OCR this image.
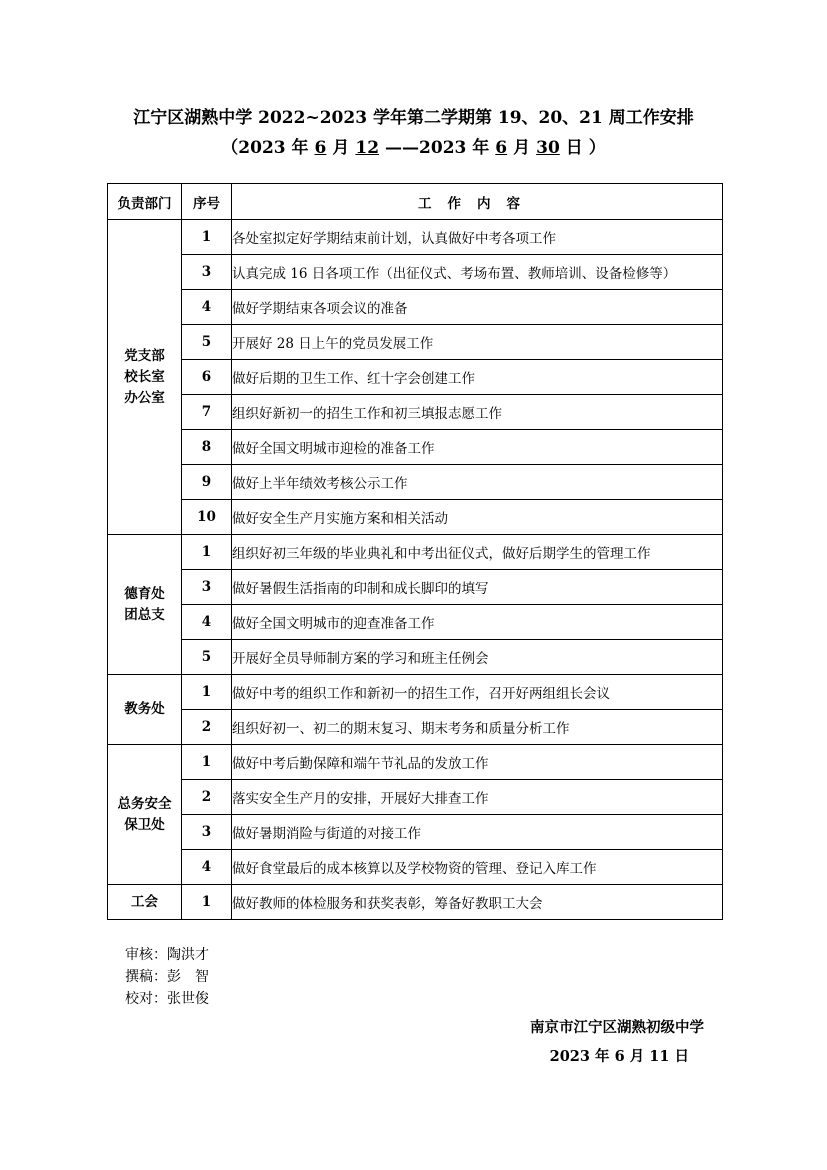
江宁区湖熟中学 2022~2023 学年第二学期第 19、20、21 周工作安排
（2023 年 6 月 12 ——2023 年 6 月 30 日 ）
负责部门	序号	工作内容

党支部
校长室
办公室	1	各处室拟定好学期结束前计划，认真做好中考各项工作
	3	认真完成 16 日各项工作（出征仪式、考场布置、教师培训、设备检修等）
	4	做好学期结束各项会议的准备
	5	开展好 28 日上午的党员发展工作
	6	做好后期的卫生工作、红十字会创建工作
	7	组织好新初一的招生工作和初三填报志愿工作
	8	做好全国文明城市迎检的准备工作
	9	做好上半年绩效考核公示工作
	10	做好安全生产月实施方案和相关活动

德育处
团总支	1	组织好初三年级的毕业典礼和中考出征仪式，做好后期学生的管理工作
	3	做好暑假生活指南的印制和成长脚印的填写
	4	做好全国文明城市的迎查准备工作
	5	开展好全员导师制方案的学习和班主任例会

教务处	1	做好中考的组织工作和新初一的招生工作，召开好两组组长会议
	2	组织好初一、初二的期末复习、期末考务和质量分析工作

总务安全
保卫处	1	做好中考后勤保障和端午节礼品的发放工作
	2	落实安全生产月的安排，开展好大排查工作
	3	做好暑期消险与街道的对接工作
	4	做好食堂最后的成本核算以及学校物资的管理、登记入库工作

工会	1	做好教师的体检服务和获奖表彰，筹备好教职工大会
审核：陶洪才
撰稿：彭　智
校对：张世俊
南京市江宁区湖熟初级中学
2023 年 6 月 11 日
